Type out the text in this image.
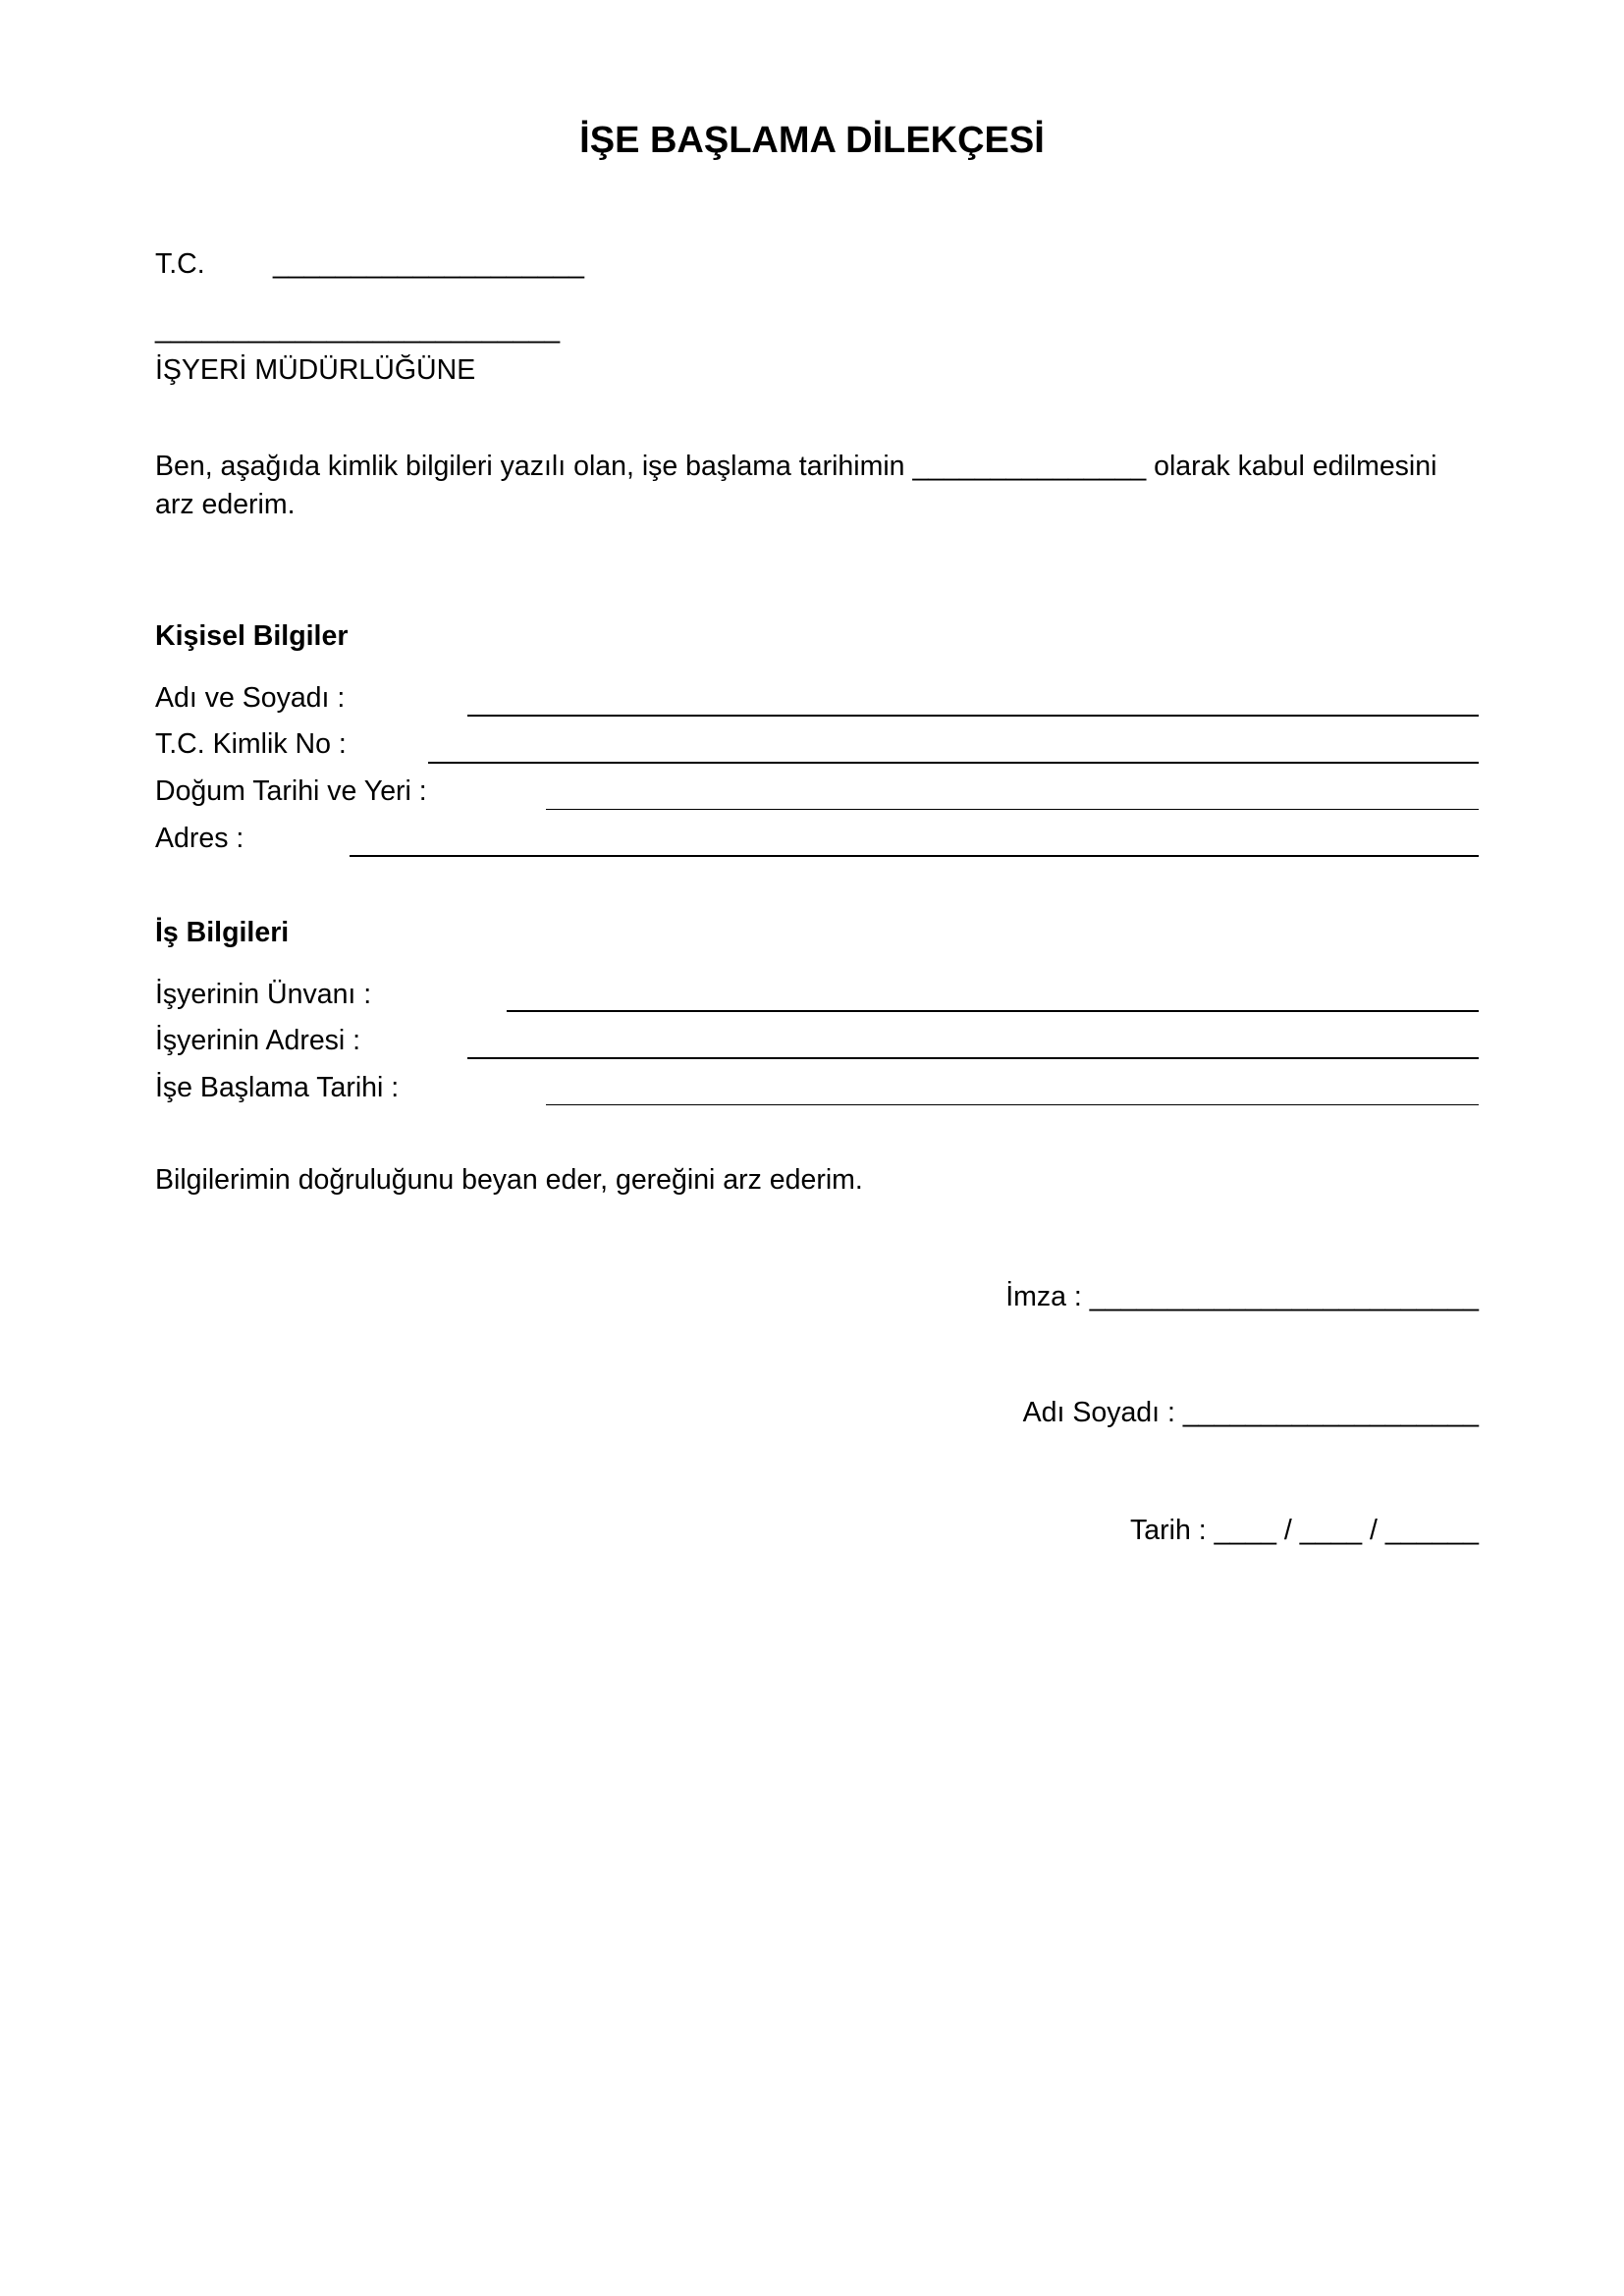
İŞE BAŞLAMA DİLEKÇESİ
T.C. ____________________
__________________________
İŞYERİ MÜDÜRLÜĞÜNE
Ben, aşağıda kimlik bilgileri yazılı olan, işe başlama tarihimin _______________ olarak kabul edilmesini arz ederim.
Kişisel Bilgiler
Adı ve Soyadı :
T.C. Kimlik No :
Doğum Tarihi ve Yeri :
Adres :
İş Bilgileri
İşyerinin Ünvanı :
İşyerinin Adresi :
İşe Başlama Tarihi :
Bilgilerimin doğruluğunu beyan eder, gereğini arz ederim.
İmza : _________________________
Adı Soyadı : ___________________
Tarih : ____ / ____ / ______
